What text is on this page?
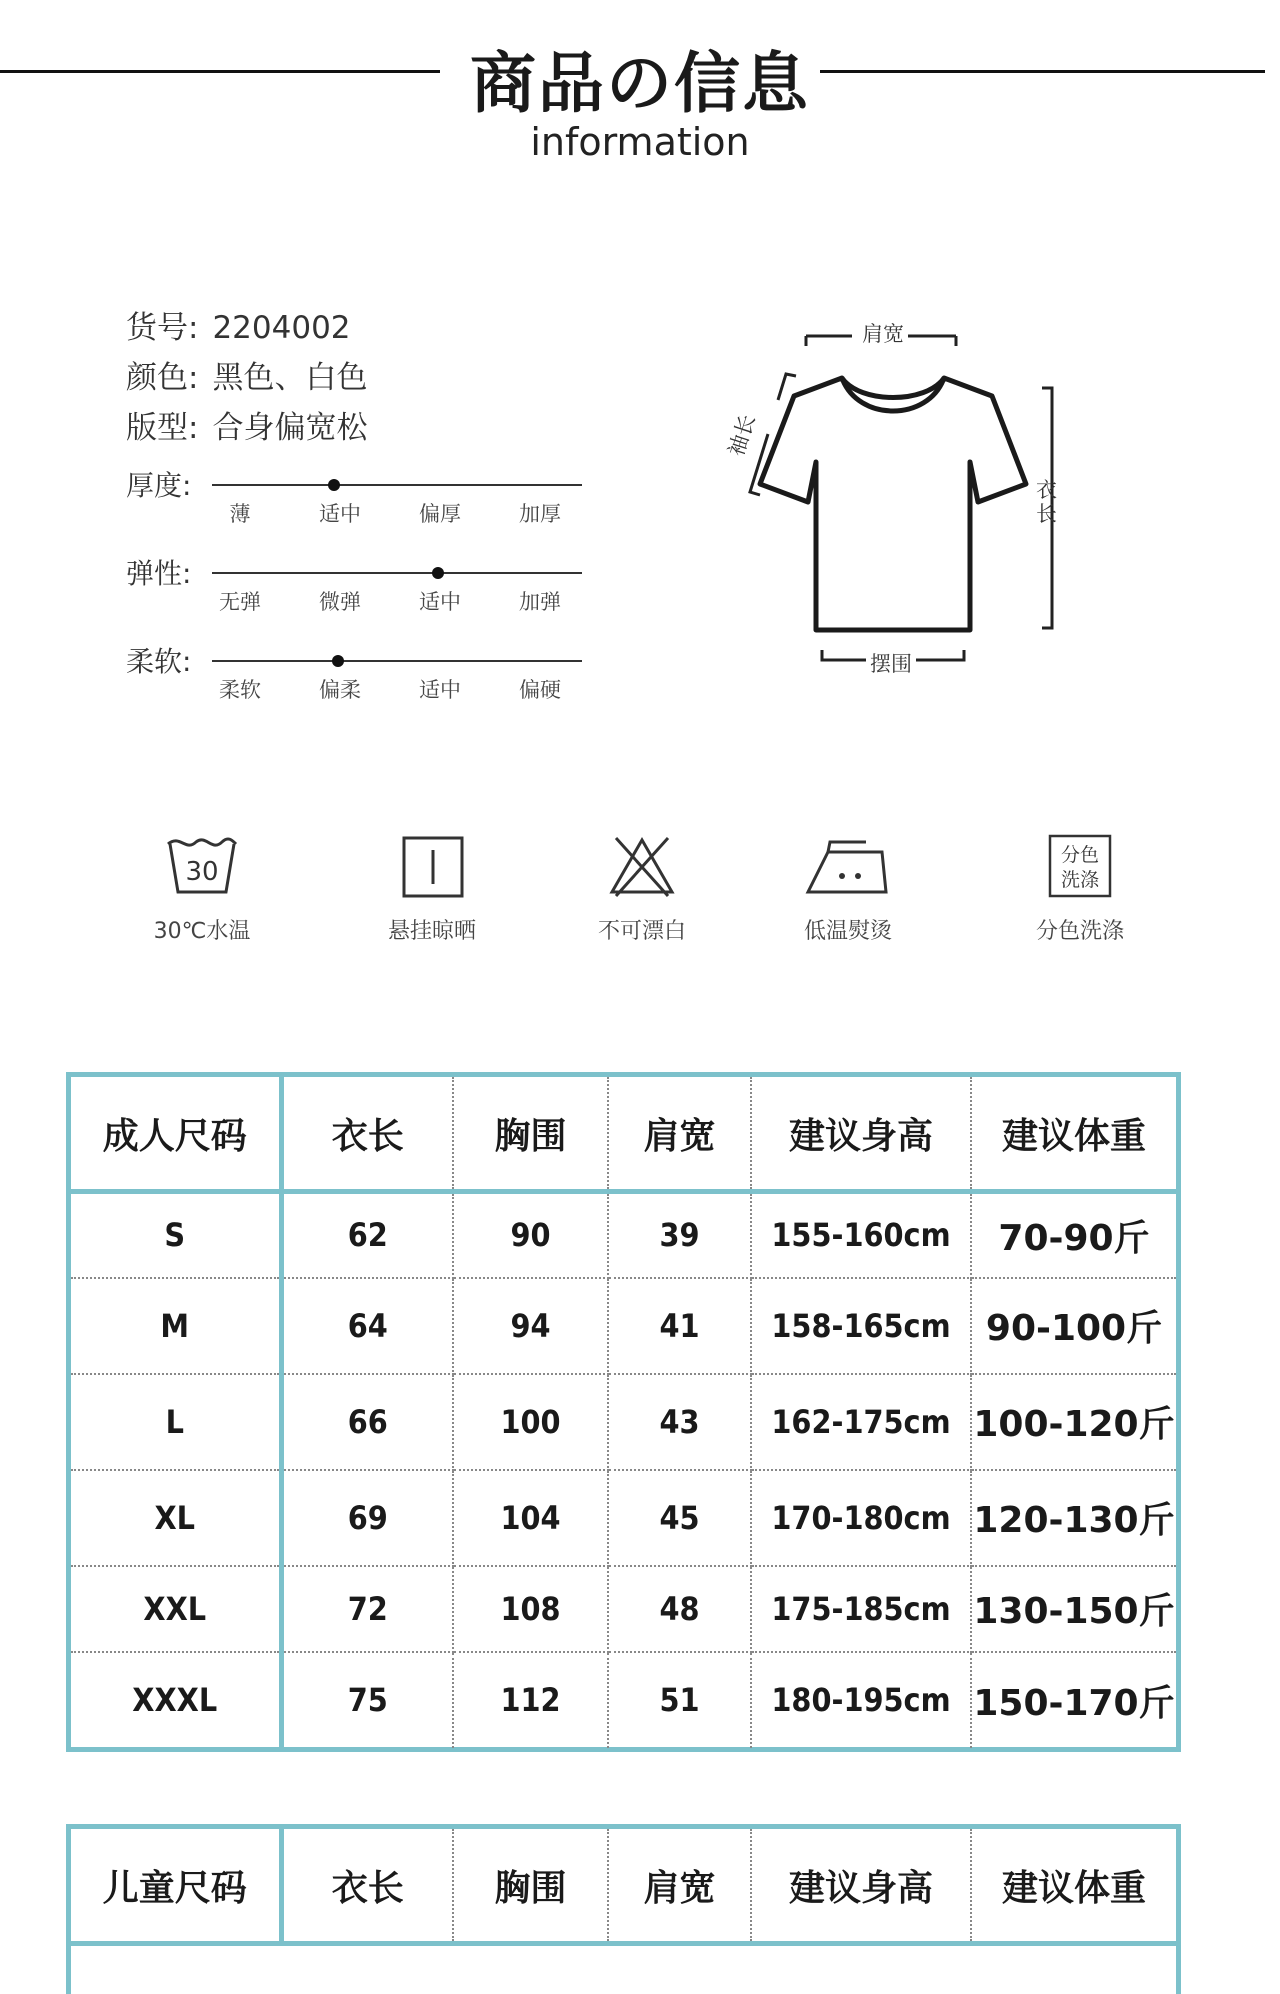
商品の信息
information
货号: 2204002
颜色: 黑色、白色
版型: 合身偏宽松
厚度:
薄	适中	偏厚	加厚
弹性:
无弹	微弹	适中	加弹
柔软:
柔软	偏柔	适中	偏硬
肩宽
袖长
衣长
摆围
30
30℃水温	悬挂晾晒	不可漂白	低温熨烫
分色
洗涤
分色洗涤
成人尺码	衣长	胸围	肩宽	建议身高	建议体重
S	62	90	39	155-160cm	70-90斤
M	64	94	41	158-165cm	90-100斤
L	66	100	43	162-175cm	100-120斤
XL	69	104	45	170-180cm	120-130斤
XXL	72	108	48	175-185cm	130-150斤
XXXL	75	112	51	180-195cm	150-170斤
儿童尺码	衣长	胸围	肩宽	建议身高	建议体重
